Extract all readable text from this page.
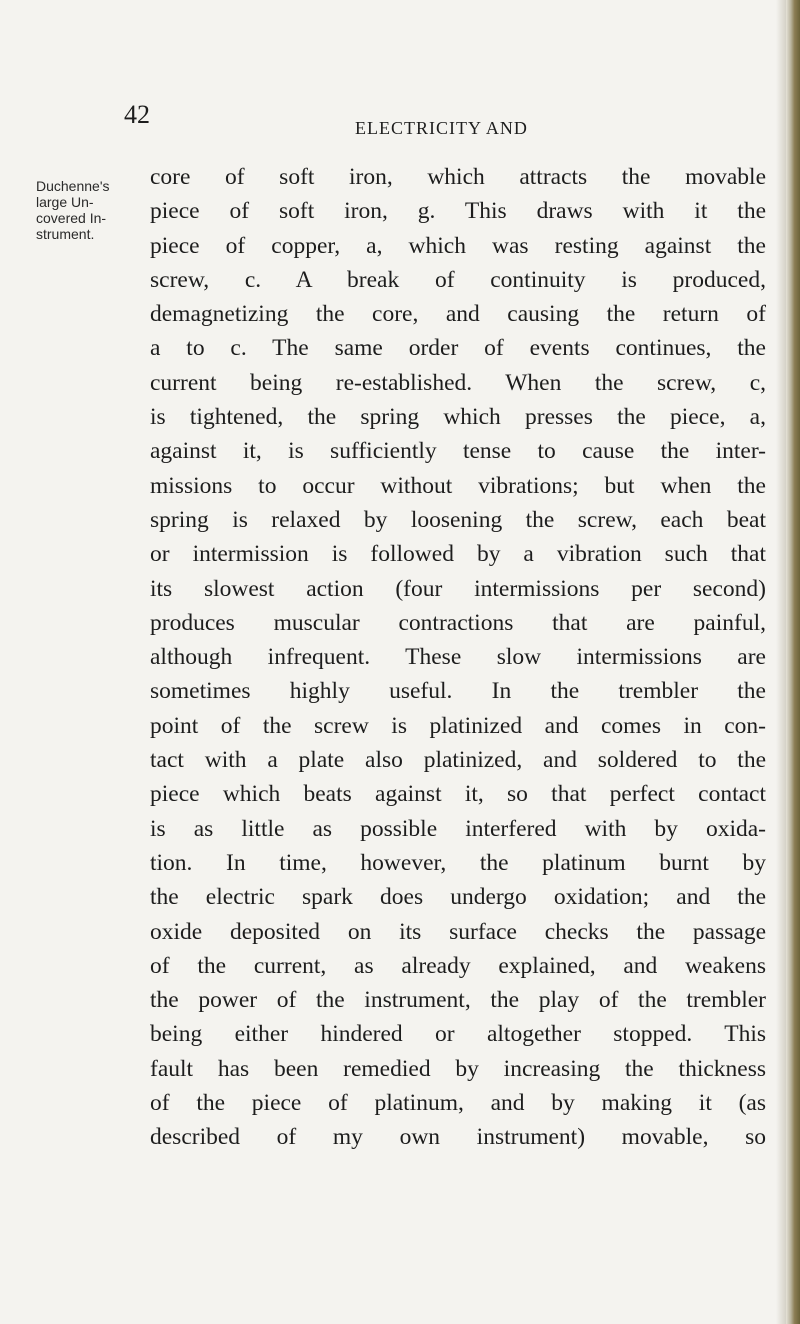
42	ELECTRICITY AND
Duchenne's
large Un-
covered In-
strument.
core of soft iron, which attracts the movable
piece of soft iron, g. This draws with it the
piece of copper, a, which was resting against the
screw, c. A break of continuity is produced,
demagnetizing the core, and causing the return of
a to c. The same order of events continues, the
current being re-established. When the screw, c,
is tightened, the spring which presses the piece, a,
against it, is sufficiently tense to cause the inter-
missions to occur without vibrations; but when the
spring is relaxed by loosening the screw, each beat
or intermission is followed by a vibration such that
its slowest action (four intermissions per second)
produces muscular contractions that are painful,
although infrequent. These slow intermissions are
sometimes highly useful. In the trembler the
point of the screw is platinized and comes in con-
tact with a plate also platinized, and soldered to the
piece which beats against it, so that perfect contact
is as little as possible interfered with by oxida-
tion. In time, however, the platinum burnt by
the electric spark does undergo oxidation; and the
oxide deposited on its surface checks the passage
of the current, as already explained, and weakens
the power of the instrument, the play of the trembler
being either hindered or altogether stopped. This
fault has been remedied by increasing the thickness
of the piece of platinum, and by making it (as
described of my own instrument) movable, so
